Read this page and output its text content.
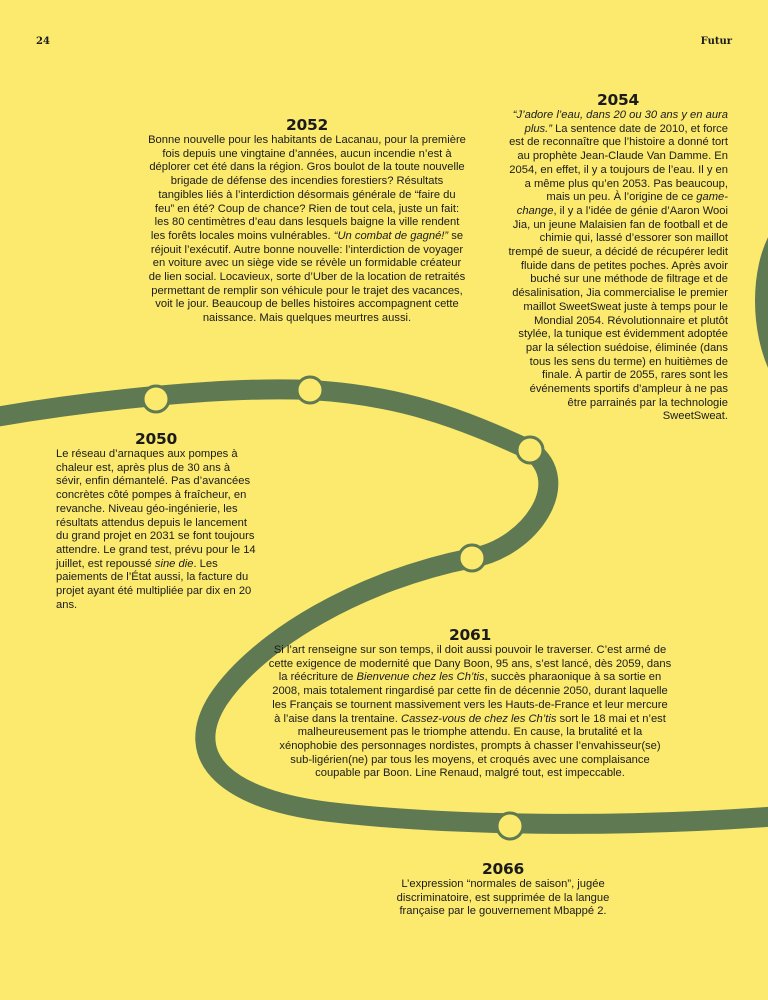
24	Futur
2052
Bonne nouvelle pour les habitants de Lacanau, pour la première fois depuis une vingtaine d’années, aucun incendie n’est à déplorer cet été dans la région. Gros boulot de la toute nouvelle brigade de défense des incendies forestiers? Résultats tangibles liés à l’interdiction désormais générale de “faire du feu” en été? Coup de chance? Rien de tout cela, juste un fait: les 80 centimètres d’eau dans lesquels baigne la ville rendent les forêts locales moins vulnérables. “Un combat de gagné!” se réjouit l’exécutif. Autre bonne nouvelle: l’interdiction de voyager en voiture avec un siège vide se révèle un formidable créateur de lien social. Locavieux, sorte d’Uber de la location de retraités permettant de remplir son véhicule pour le trajet des vacances, voit le jour. Beaucoup de belles histoires accompagnent cette naissance. Mais quelques meurtres aussi.
2054
“J’adore l’eau, dans 20 ou 30 ans y en aura plus.” La sentence date de 2010, et force est de reconnaître que l’histoire a donné tort au prophète Jean-Claude Van Damme. En 2054, en effet, il y a toujours de l’eau. Il y en a même plus qu’en 2053. Pas beaucoup, mais un peu. À l’origine de ce game-change, il y a l’idée de génie d’Aaron Wooi Jia, un jeune Malaisien fan de football et de chimie qui, lassé d’essorer son maillot trempé de sueur, a décidé de récupérer ledit fluide dans de petites poches. Après avoir buché sur une méthode de filtrage et de désalinisation, Jia commercialise le premier maillot SweetSweat juste à temps pour le Mondial 2054. Révolutionnaire et plutôt stylée, la tunique est évidemment adoptée par la sélection suédoise, éliminée (dans tous les sens du terme) en huitièmes de finale. À partir de 2055, rares sont les événements sportifs d’ampleur à ne pas être parrainés par la technologie SweetSweat.
2050
Le réseau d’arnaques aux pompes à chaleur est, après plus de 30 ans à sévir, enfin démantelé. Pas d’avancées concrètes côté pompes à fraîcheur, en revanche. Niveau géo-ingénierie, les résultats attendus depuis le lancement du grand projet en 2031 se font toujours attendre. Le grand test, prévu pour le 14 juillet, est repoussé sine die. Les paiements de l’État aussi, la facture du projet ayant été multipliée par dix en 20 ans.
2061
Si l’art renseigne sur son temps, il doit aussi pouvoir le traverser. C’est armé de cette exigence de modernité que Dany Boon, 95 ans, s’est lancé, dès 2059, dans la réécriture de Bienvenue chez les Ch’tis, succès pharaonique à sa sortie en 2008, mais totalement ringardisé par cette fin de décennie 2050, durant laquelle les Français se tournent massivement vers les Hauts-de-France et leur mercure à l’aise dans la trentaine. Cassez-vous de chez les Ch’tis sort le 18 mai et n’est malheureusement pas le triomphe attendu. En cause, la brutalité et la xénophobie des personnages nordistes, prompts à chasser l’envahisseur(se) sub-ligérien(ne) par tous les moyens, et croqués avec une complaisance coupable par Boon. Line Renaud, malgré tout, est impeccable.
2066
L’expression “normales de saison”, jugée discriminatoire, est supprimée de la langue française par le gouvernement Mbappé 2.
